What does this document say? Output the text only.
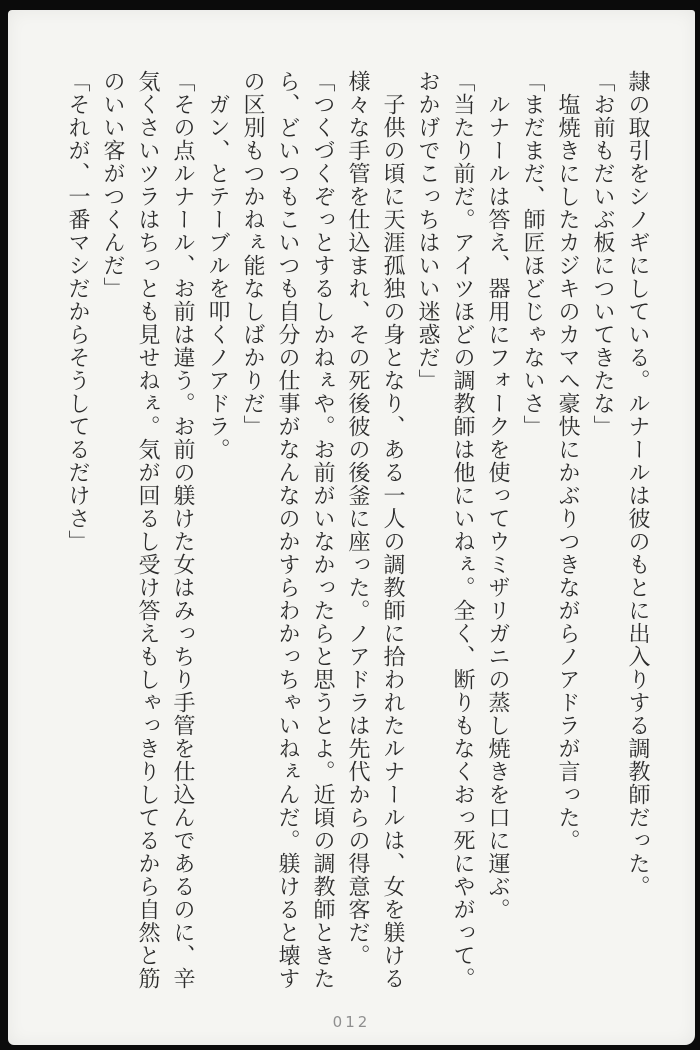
隷の取引をシノギにしている。ルナールは彼のもとに出入りする調教師だった。

「お前もだいぶ板についてきたな」

塩焼きにしたカジキのカマへ豪快にかぶりつきながらノアドラが言った。

「まだまだ、師匠ほどじゃないさ」

ルナールは答え、器用にフォークを使ってウミザリガニの蒸し焼きを口に運ぶ。

「当たり前だ。アイツほどの調教師は他にいねぇ。全く、断りもなくおっ死にやがって。

おかげでこっちはいい迷惑だ」

子供の頃に天涯孤独の身となり、ある一人の調教師に拾われたルナールは、女を躾ける

様々な手管を仕込まれ、その死後彼の後釜に座った。ノアドラは先代からの得意客だ。

「つくづくぞっとするしかねぇや。お前がいなかったらと思うとよ。近頃の調教師ときた

ら、どいつもこいつも自分の仕事がなんなのかすらわかっちゃいねぇんだ。躾けると壊す

の区別もつかねぇ能なしばかりだ」

ガン、とテーブルを叩くノアドラ。

「その点ルナール、お前は違う。お前の躾けた女はみっちり手管を仕込んであるのに、辛

気くさいツラはちっとも見せねぇ。気が回るし受け答えもしゃっきりしてるから自然と筋

のいい客がつくんだ」

「それが、一番マシだからそうしてるだけさ」

012
